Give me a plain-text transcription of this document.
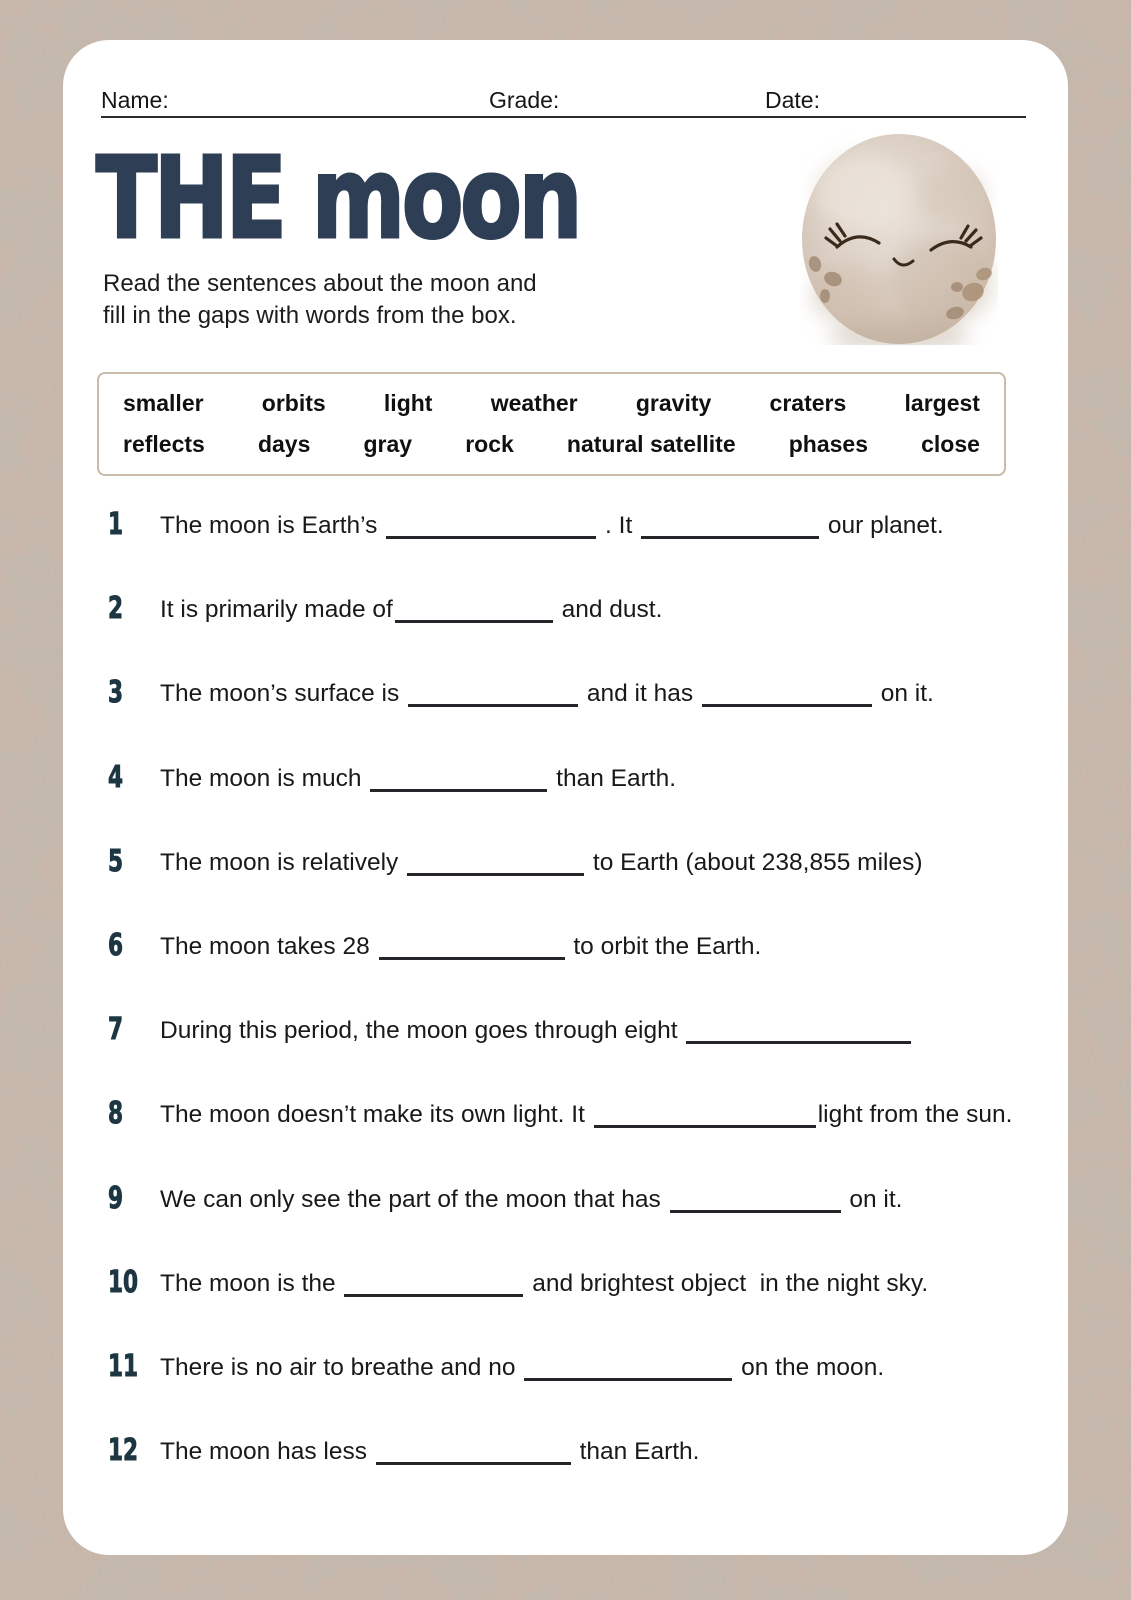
Name:	Grade:	Date:
THE moon
Read the sentences about the moon and
fill in the gaps with words from the box.
smaller	orbits	light	weather	gravity	craters	largest
reflects days gray rock natural satellite phases close
1	The moon is Earth’s	. It	our planet.
2	It is primarily made of	and dust.
3	The moon’s surface is	and it has	on it.
4	The moon is much	than Earth.
5	The moon is relatively	to Earth (about 238,855 miles)
6	The moon takes 28	to orbit the Earth.
7	During this period, the moon goes through eight
8	The moon doesn’t make its own light. It	light from the sun.
9	We can only see the part of the moon that has	on it.
10 The moon is the	and brightest object  in the night sky.
11 There is no air to breathe and no	on the moon.
12 The moon has less	than Earth.
